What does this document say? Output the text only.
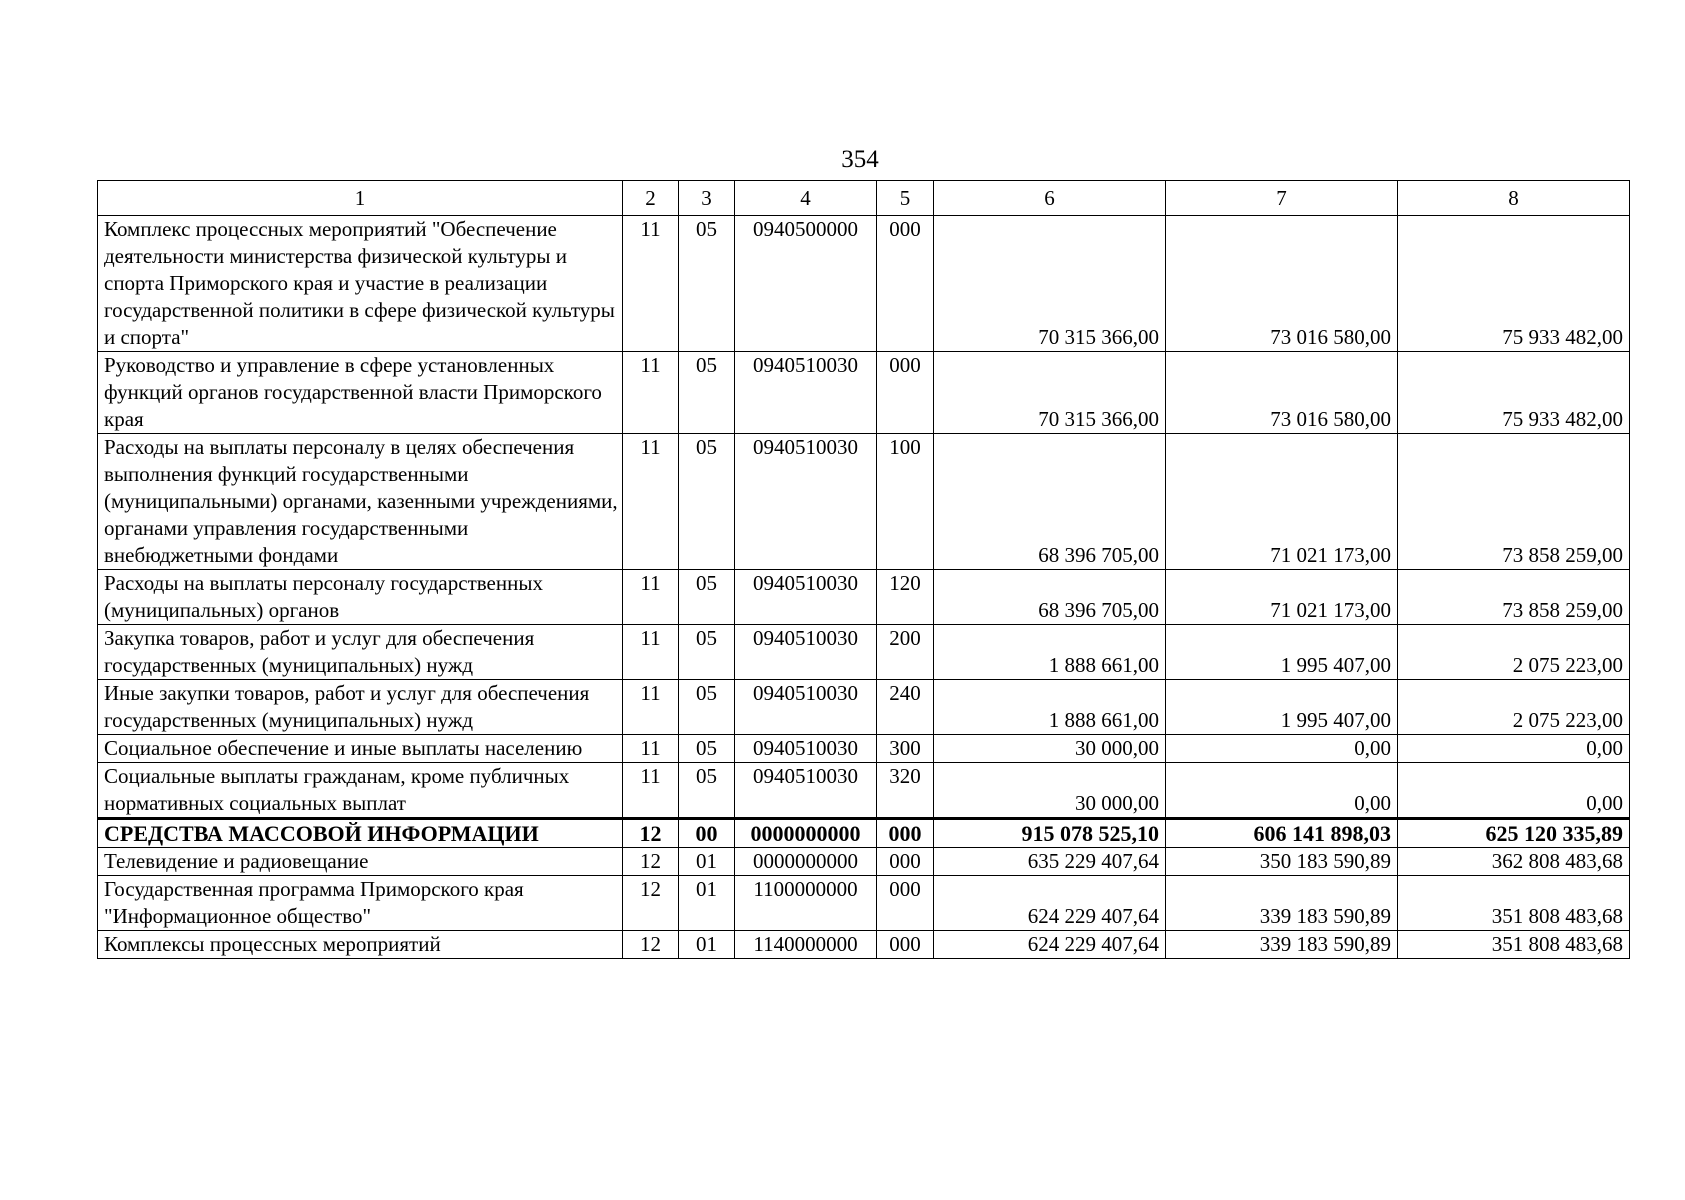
354
1	2	3	4	5	6	7	8
Комплекс процессных мероприятий "Обеспечение деятельности министерства физической культуры и спорта Приморского края и участие в реализации государственной политики в сфере физической культуры и спорта"	11	05	0940500000	000	70 315 366,00	73 016 580,00	75 933 482,00
Руководство и управление в сфере установленных функций органов государственной власти Приморского края	11	05	0940510030	000	70 315 366,00	73 016 580,00	75 933 482,00
Расходы на выплаты персоналу в целях обеспечения выполнения функций государственными (муниципальными) органами, казенными учреждениями, органами управления государственными внебюджетными фондами	11	05	0940510030	100	68 396 705,00	71 021 173,00	73 858 259,00
Расходы на выплаты персоналу государственных (муниципальных) органов	11	05	0940510030	120	68 396 705,00	71 021 173,00	73 858 259,00
Закупка товаров, работ и услуг для обеспечения государственных (муниципальных) нужд	11	05	0940510030	200	1 888 661,00	1 995 407,00	2 075 223,00
Иные закупки товаров, работ и услуг для обеспечения государственных (муниципальных) нужд	11	05	0940510030	240	1 888 661,00	1 995 407,00	2 075 223,00
Социальное обеспечение и иные выплаты населению	11	05	0940510030	300	30 000,00	0,00	0,00
Социальные выплаты гражданам, кроме публичных нормативных социальных выплат	11	05	0940510030	320	30 000,00	0,00	0,00
СРЕДСТВА МАССОВОЙ ИНФОРМАЦИИ	12	00	0000000000	000	915 078 525,10	606 141 898,03	625 120 335,89
Телевидение и радиовещание	12	01	0000000000	000	635 229 407,64	350 183 590,89	362 808 483,68
Государственная программа Приморского края "Информационное общество"	12	01	1100000000	000	624 229 407,64	339 183 590,89	351 808 483,68
Комплексы процессных мероприятий	12	01	1140000000	000	624 229 407,64	339 183 590,89	351 808 483,68
